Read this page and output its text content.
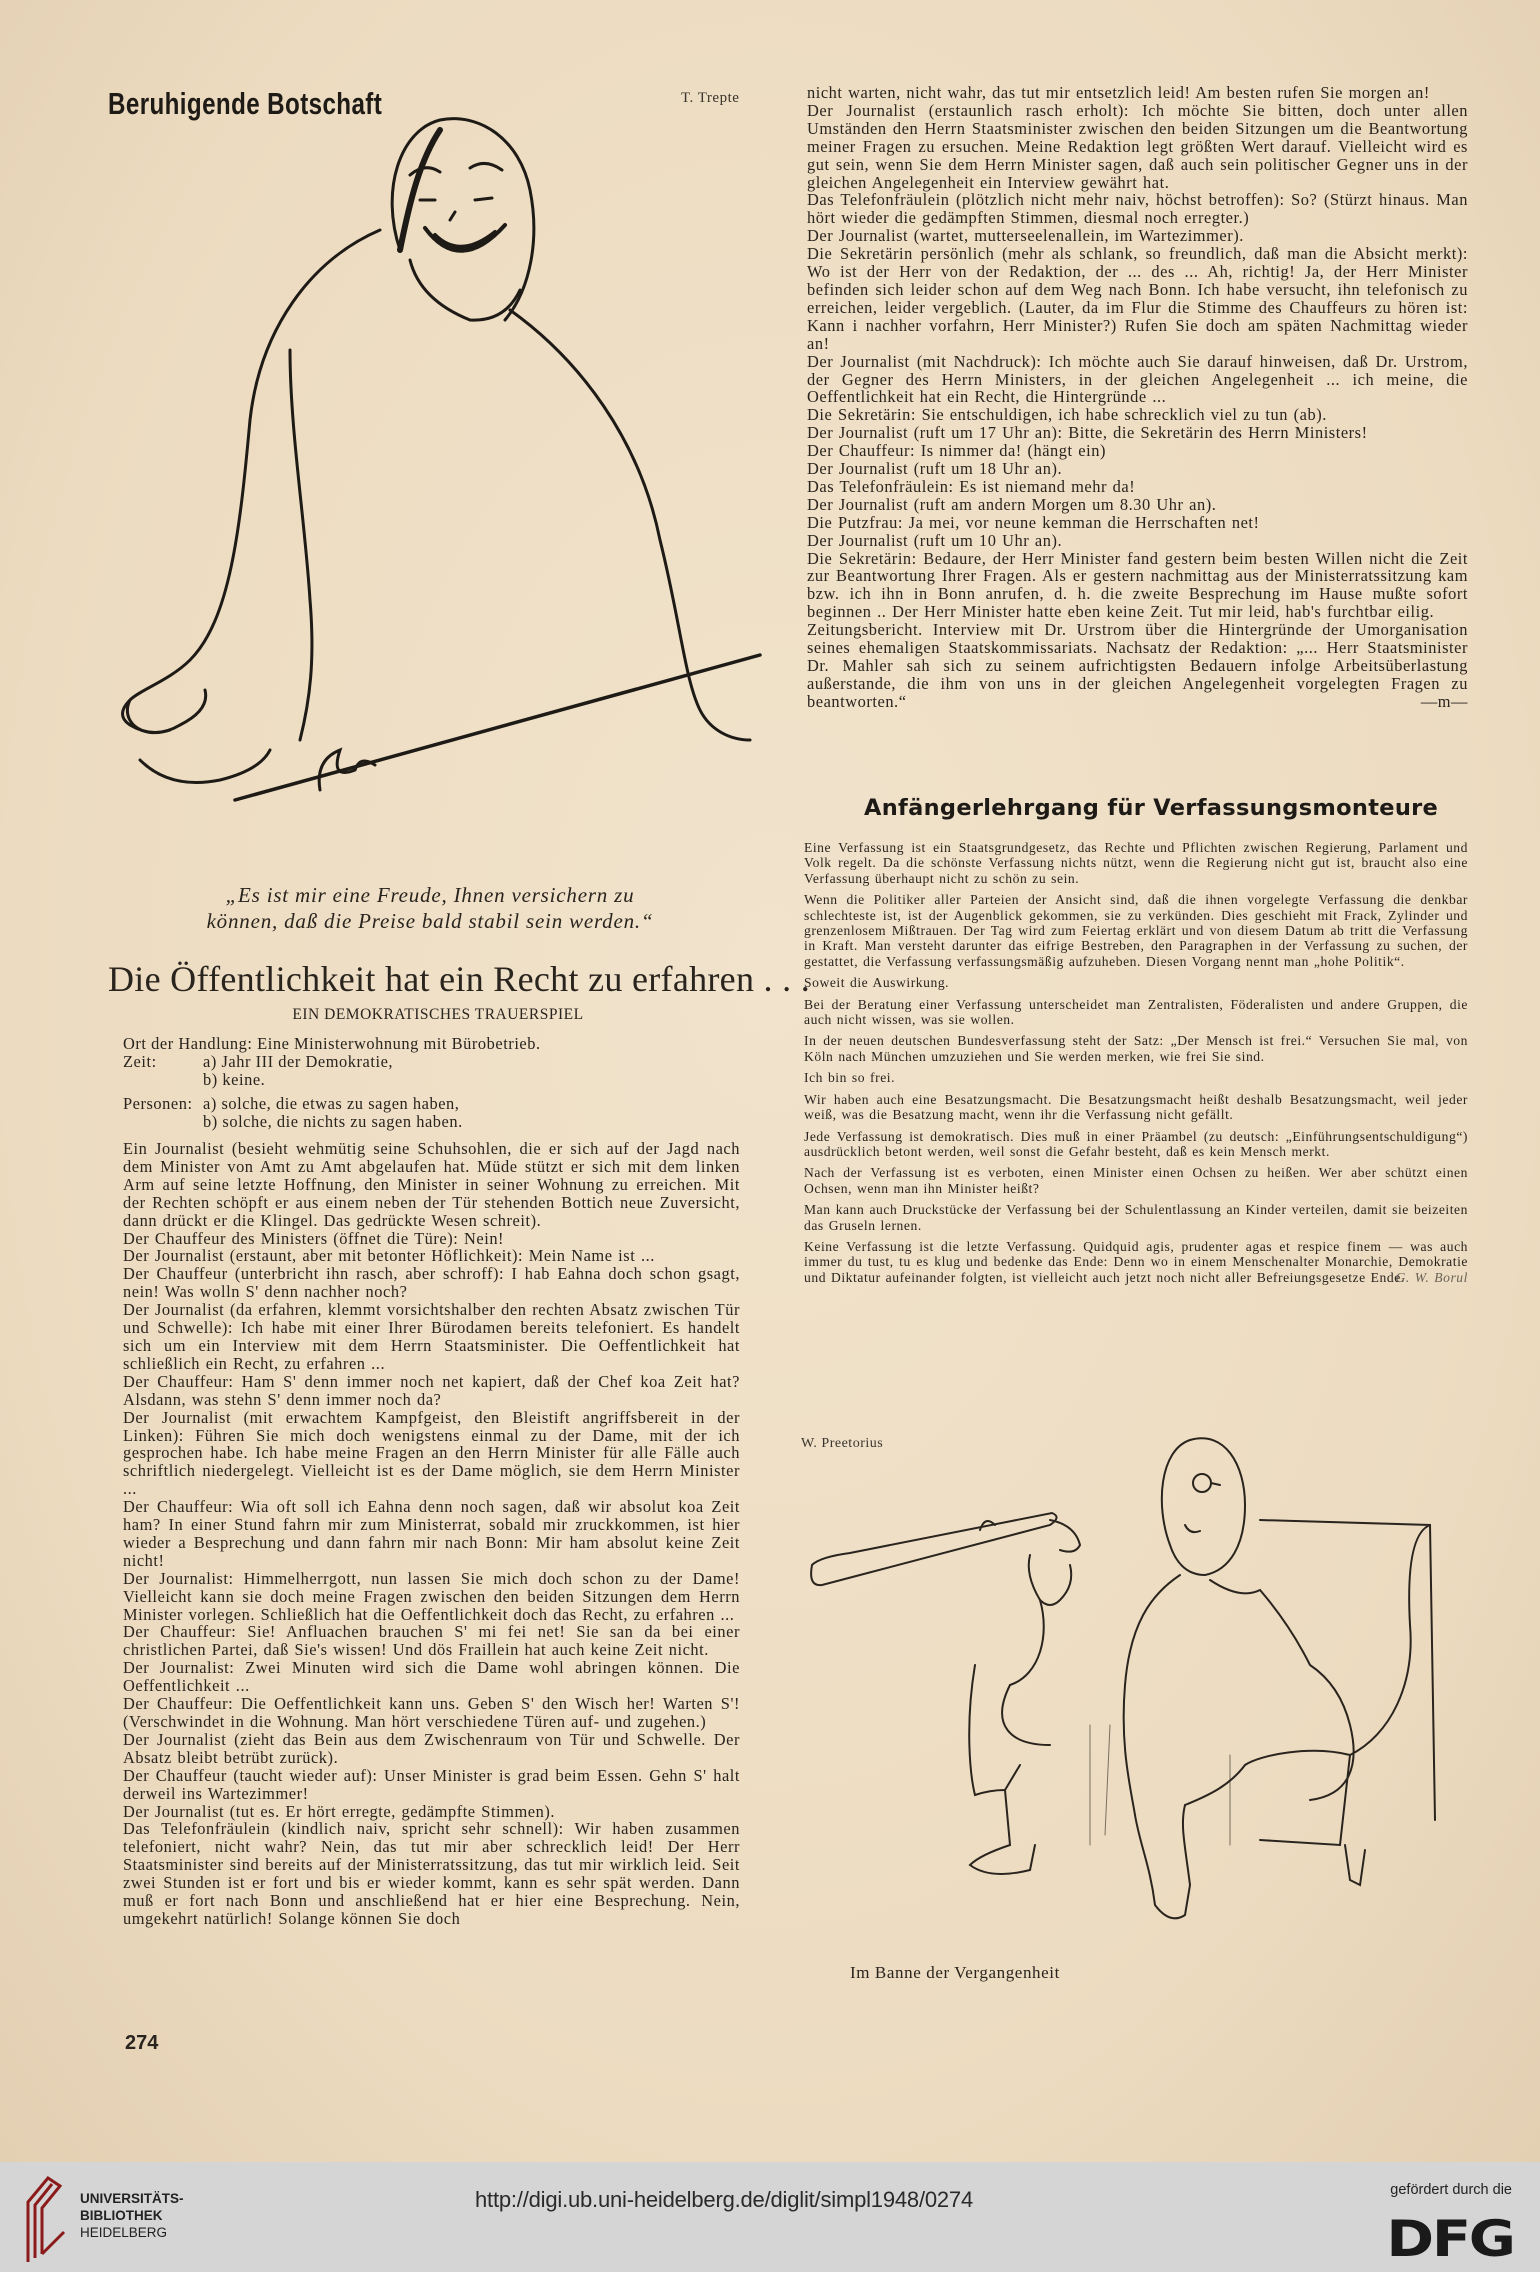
Beruhigende Botschaft	T. Trepte
„Es ist mir eine Freude, Ihnen versichern zu
können, daß die Preise bald stabil sein werden.“
Die Öffentlichkeit hat ein Recht zu erfahren . . .
EIN DEMOKRATISCHES TRAUERSPIEL
Ort der Handlung: Eine Ministerwohnung mit Bürobetrieb.
Zeit:	a) Jahr III der Demokratie,
b) keine.
Personen: a) solche, die etwas zu sagen haben,
b) solche, die nichts zu sagen haben.

Ein Journalist (besieht wehmütig seine Schuhsohlen, die er sich auf der Jagd nach dem Minister von Amt zu Amt abgelaufen hat. Müde stützt er sich mit dem linken Arm auf seine letzte Hoffnung, den Minister in seiner Wohnung zu erreichen. Mit der Rechten schöpft er aus einem neben der Tür stehenden Bottich neue Zuversicht, dann drückt er die Klingel. Das gedrückte Wesen schreit).

Der Chauffeur des Ministers (öffnet die Türe): Nein!

Der Journalist (erstaunt, aber mit betonter Höflichkeit): Mein Name ist ...

Der Chauffeur (unterbricht ihn rasch, aber schroff): I hab Eahna doch schon gsagt, nein! Was wolln S' denn nachher noch?

Der Journalist (da erfahren, klemmt vorsichtshalber den rechten Absatz zwischen Tür und Schwelle): Ich habe mit einer Ihrer Bürodamen bereits telefoniert. Es handelt sich um ein Interview mit dem Herrn Staatsminister. Die Oeffentlichkeit hat schließlich ein Recht, zu erfahren ...

Der Chauffeur: Ham S' denn immer noch net kapiert, daß der Chef koa Zeit hat? Alsdann, was stehn S' denn immer noch da?

Der Journalist (mit erwachtem Kampfgeist, den Bleistift angriffsbereit in der Linken): Führen Sie mich doch wenigstens einmal zu der Dame, mit der ich gesprochen habe. Ich habe meine Fragen an den Herrn Minister für alle Fälle auch schriftlich niedergelegt. Vielleicht ist es der Dame möglich, sie dem Herrn Minister ...

Der Chauffeur: Wia oft soll ich Eahna denn noch sagen, daß wir absolut koa Zeit ham? In einer Stund fahrn mir zum Ministerrat, sobald mir zruckkommen, ist hier wieder a Besprechung und dann fahrn mir nach Bonn: Mir ham absolut keine Zeit nicht!

Der Journalist: Himmelherrgott, nun lassen Sie mich doch schon zu der Dame! Vielleicht kann sie doch meine Fragen zwischen den beiden Sitzungen dem Herrn Minister vorlegen. Schließlich hat die Oeffentlichkeit doch das Recht, zu erfahren ...

Der Chauffeur: Sie! Anfluachen brauchen S' mi fei net! Sie san da bei einer christlichen Partei, daß Sie's wissen! Und dös Fraillein hat auch keine Zeit nicht.

Der Journalist: Zwei Minuten wird sich die Dame wohl abringen können. Die Oeffentlichkeit ...

Der Chauffeur: Die Oeffentlichkeit kann uns. Geben S' den Wisch her! Warten S'! (Verschwindet in die Wohnung. Man hört verschiedene Türen auf- und zugehen.)

Der Journalist (zieht das Bein aus dem Zwischenraum von Tür und Schwelle. Der Absatz bleibt betrübt zurück).

Der Chauffeur (taucht wieder auf): Unser Minister is grad beim Essen. Gehn S' halt derweil ins Wartezimmer!

Der Journalist (tut es. Er hört erregte, gedämpfte Stimmen).

Das Telefonfräulein (kindlich naiv, spricht sehr schnell): Wir haben zusammen telefoniert, nicht wahr? Nein, das tut mir aber schrecklich leid! Der Herr Staatsminister sind bereits auf der Ministerratssitzung, das tut mir wirklich leid. Seit zwei Stunden ist er fort und bis er wieder kommt, kann es sehr spät werden. Dann muß er fort nach Bonn und anschließend hat er hier eine Besprechung. Nein, umgekehrt natürlich! Solange können Sie doch

nicht warten, nicht wahr, das tut mir entsetzlich leid! Am besten rufen Sie morgen an!

Der Journalist (erstaunlich rasch erholt): Ich möchte Sie bitten, doch unter allen Umständen den Herrn Staatsminister zwischen den beiden Sitzungen um die Beantwortung meiner Fragen zu ersuchen. Meine Redaktion legt größten Wert darauf. Vielleicht wird es gut sein, wenn Sie dem Herrn Minister sagen, daß auch sein politischer Gegner uns in der gleichen Angelegenheit ein Interview gewährt hat.

Das Telefonfräulein (plötzlich nicht mehr naiv, höchst betroffen): So? (Stürzt hinaus. Man hört wieder die gedämpften Stimmen, diesmal noch erregter.)

Der Journalist (wartet, mutterseelenallein, im Wartezimmer).

Die Sekretärin persönlich (mehr als schlank, so freundlich, daß man die Absicht merkt): Wo ist der Herr von der Redaktion, der ... des ... Ah, richtig! Ja, der Herr Minister befinden sich leider schon auf dem Weg nach Bonn. Ich habe versucht, ihn telefonisch zu erreichen, leider vergeblich. (Lauter, da im Flur die Stimme des Chauffeurs zu hören ist: Kann i nachher vorfahrn, Herr Minister?) Rufen Sie doch am späten Nachmittag wieder an!

Der Journalist (mit Nachdruck): Ich möchte auch Sie darauf hinweisen, daß Dr. Urstrom, der Gegner des Herrn Ministers, in der gleichen Angelegenheit ... ich meine, die Oeffentlichkeit hat ein Recht, die Hintergründe ...

Die Sekretärin: Sie entschuldigen, ich habe schrecklich viel zu tun (ab).

Der Journalist (ruft um 17 Uhr an): Bitte, die Sekretärin des Herrn Ministers!

Der Chauffeur: Is nimmer da! (hängt ein)

Der Journalist (ruft um 18 Uhr an).

Das Telefonfräulein: Es ist niemand mehr da!

Der Journalist (ruft am andern Morgen um 8.30 Uhr an).

Die Putzfrau: Ja mei, vor neune kemman die Herrschaften net!

Der Journalist (ruft um 10 Uhr an).

Die Sekretärin: Bedaure, der Herr Minister fand gestern beim besten Willen nicht die Zeit zur Beantwortung Ihrer Fragen. Als er gestern nachmittag aus der Ministerratssitzung kam bzw. ich ihn in Bonn anrufen, d. h. die zweite Besprechung im Hause mußte sofort beginnen .. Der Herr Minister hatte eben keine Zeit. Tut mir leid, hab's furchtbar eilig.

Zeitungsbericht. Interview mit Dr. Urstrom über die Hintergründe der Umorganisation seines ehemaligen Staatskommissariats. Nachsatz der Redaktion: „... Herr Staatsminister Dr. Mahler sah sich zu seinem aufrichtigsten Bedauern infolge Arbeitsüberlastung außerstande, die ihm von uns in der gleichen Angelegenheit vorgelegten Fragen zu beantworten.“	—m—

Anfängerlehrgang für Verfassungsmonteure

Eine Verfassung ist ein Staatsgrundgesetz, das Rechte und Pflichten zwischen Regierung, Parlament und Volk regelt. Da die schönste Verfassung nichts nützt, wenn die Regierung nicht gut ist, braucht also eine Verfassung überhaupt nicht zu schön zu sein.

Wenn die Politiker aller Parteien der Ansicht sind, daß die ihnen vorgelegte Verfassung die denkbar schlechteste ist, ist der Augenblick gekommen, sie zu verkünden. Dies geschieht mit Frack, Zylinder und grenzenlosem Mißtrauen. Der Tag wird zum Feiertag erklärt und von diesem Datum ab tritt die Verfassung in Kraft. Man versteht darunter das eifrige Bestreben, den Paragraphen in der Verfassung zu suchen, der gestattet, die Verfassung verfassungsmäßig aufzuheben. Diesen Vorgang nennt man „hohe Politik“.

Soweit die Auswirkung.

Bei der Beratung einer Verfassung unterscheidet man Zentralisten, Föderalisten und andere Gruppen, die auch nicht wissen, was sie wollen.

In der neuen deutschen Bundesverfassung steht der Satz: „Der Mensch ist frei.“ Versuchen Sie mal, von Köln nach München umzuziehen und Sie werden merken, wie frei Sie sind.

Ich bin so frei.

Wir haben auch eine Besatzungsmacht. Die Besatzungsmacht heißt deshalb Besatzungsmacht, weil jeder weiß, was die Besatzung macht, wenn ihr die Verfassung nicht gefällt.

Jede Verfassung ist demokratisch. Dies muß in einer Präambel (zu deutsch: „Einführungsentschuldigung“) ausdrücklich betont werden, weil sonst die Gefahr besteht, daß es kein Mensch merkt.

Nach der Verfassung ist es verboten, einen Minister einen Ochsen zu heißen. Wer aber schützt einen Ochsen, wenn man ihn Minister heißt?

Man kann auch Druckstücke der Verfassung bei der Schulentlassung an Kinder verteilen, damit sie beizeiten das Gruseln lernen.

Keine Verfassung ist die letzte Verfassung. Quidquid agis, prudenter agas et respice finem — was auch immer du tust, tu es klug und bedenke das Ende: Denn wo in einem Menschenalter Monarchie, Demokratie und Diktatur aufeinander folgten, ist vielleicht auch jetzt noch nicht aller Befreiungsgesetze Ende.

G. W. Borul

W. Preetorius
Im Banne der Vergangenheit
274
UNIVERSITÄTS-
BIBLIOTHEK
HEIDELBERG
http://digi.ub.uni-heidelberg.de/diglit/simpl1948/0274	gefördert durch die
DFG
